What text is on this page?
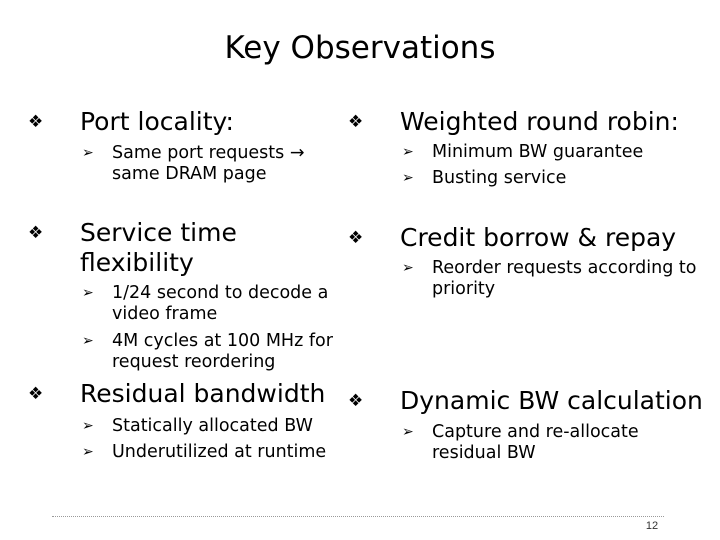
Key Observations
❖ Port locality:
➢ Same port requests → same DRAM page
❖ Service time flexibility
➢ 1/24 second to decode a video frame
➢ 4M cycles at 100 MHz for request reordering
❖ Residual bandwidth
➢ Statically allocated BW
➢ Underutilized at runtime
❖ Weighted round robin:
➢ Minimum BW guarantee
➢ Busting service
❖ Credit borrow & repay
➢ Reorder requests according to priority
❖ Dynamic BW calculation
➢ Capture and re-allocate residual BW
12
